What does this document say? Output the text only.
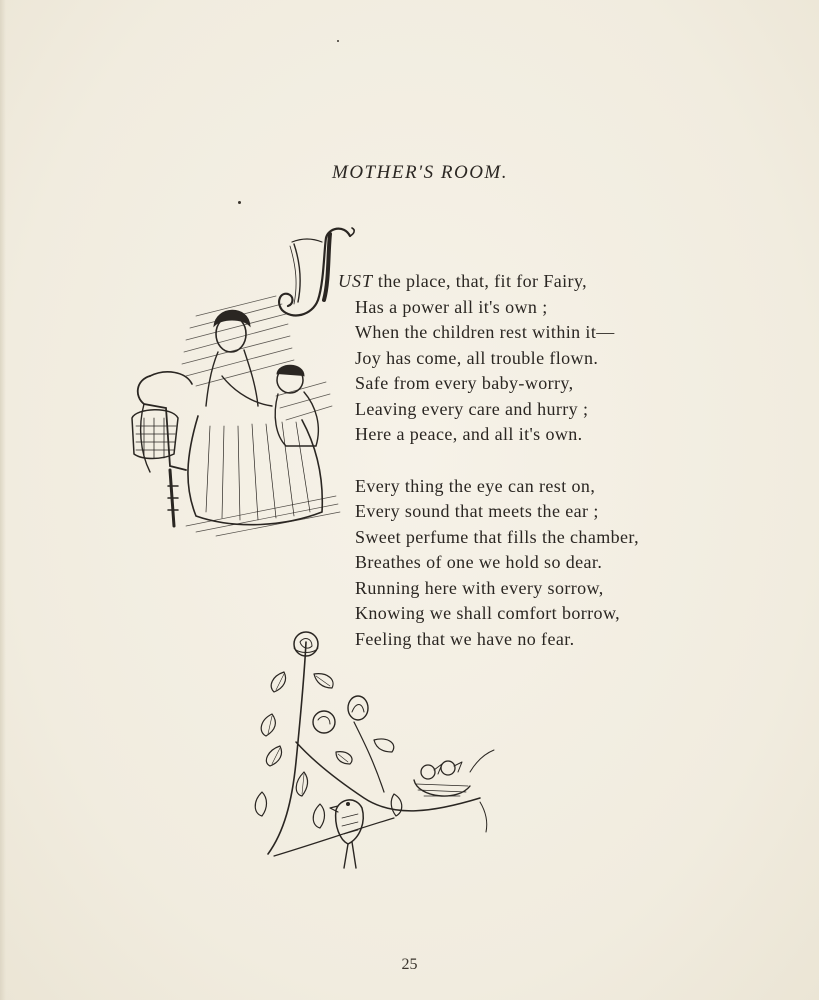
MOTHER'S ROOM.
UST the place, that, fit for Fairy,
Has a power all it's own ;
When the children rest within it—
Joy has come, all trouble flown.
Safe from every baby-worry,
Leaving every care and hurry ;
Here a peace, and all it's own.
Every thing the eye can rest on,
Every sound that meets the ear ;
Sweet perfume that fills the chamber,
Breathes of one we hold so dear.
Running here with every sorrow,
Knowing we shall comfort borrow,
Feeling that we have no fear.
25
